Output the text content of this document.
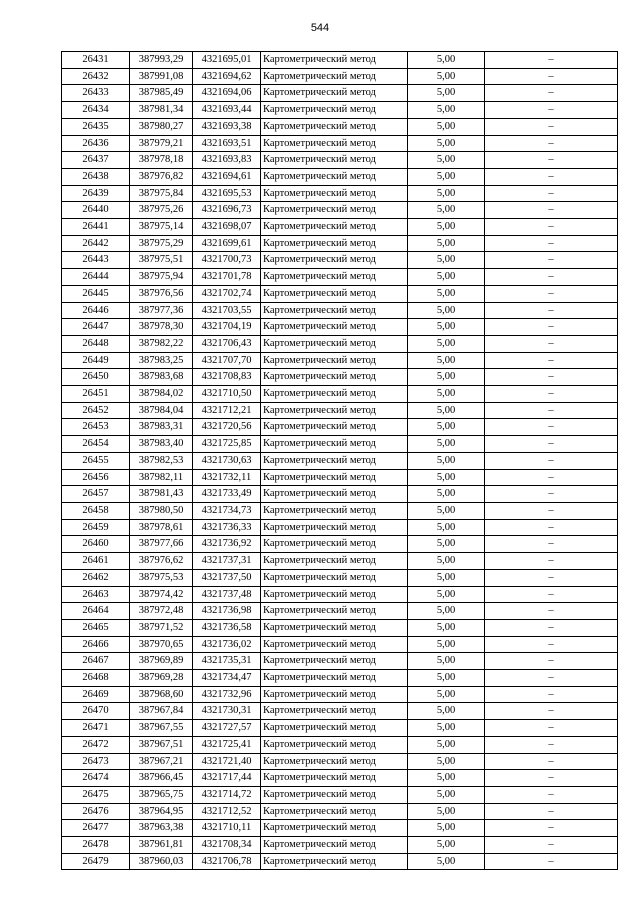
544
26431	387993,29	4321695,01	Картометрический метод	5,00	–
26432	387991,08	4321694,62	Картометрический метод	5,00	–
26433	387985,49	4321694,06	Картометрический метод	5,00	–
26434	387981,34	4321693,44	Картометрический метод	5,00	–
26435	387980,27	4321693,38	Картометрический метод	5,00	–
26436	387979,21	4321693,51	Картометрический метод	5,00	–
26437	387978,18	4321693,83	Картометрический метод	5,00	–
26438	387976,82	4321694,61	Картометрический метод	5,00	–
26439	387975,84	4321695,53	Картометрический метод	5,00	–
26440	387975,26	4321696,73	Картометрический метод	5,00	–
26441	387975,14	4321698,07	Картометрический метод	5,00	–
26442	387975,29	4321699,61	Картометрический метод	5,00	–
26443	387975,51	4321700,73	Картометрический метод	5,00	–
26444	387975,94	4321701,78	Картометрический метод	5,00	–
26445	387976,56	4321702,74	Картометрический метод	5,00	–
26446	387977,36	4321703,55	Картометрический метод	5,00	–
26447	387978,30	4321704,19	Картометрический метод	5,00	–
26448	387982,22	4321706,43	Картометрический метод	5,00	–
26449	387983,25	4321707,70	Картометрический метод	5,00	–
26450	387983,68	4321708,83	Картометрический метод	5,00	–
26451	387984,02	4321710,50	Картометрический метод	5,00	–
26452	387984,04	4321712,21	Картометрический метод	5,00	–
26453	387983,31	4321720,56	Картометрический метод	5,00	–
26454	387983,40	4321725,85	Картометрический метод	5,00	–
26455	387982,53	4321730,63	Картометрический метод	5,00	–
26456	387982,11	4321732,11	Картометрический метод	5,00	–
26457	387981,43	4321733,49	Картометрический метод	5,00	–
26458	387980,50	4321734,73	Картометрический метод	5,00	–
26459	387978,61	4321736,33	Картометрический метод	5,00	–
26460	387977,66	4321736,92	Картометрический метод	5,00	–
26461	387976,62	4321737,31	Картометрический метод	5,00	–
26462	387975,53	4321737,50	Картометрический метод	5,00	–
26463	387974,42	4321737,48	Картометрический метод	5,00	–
26464	387972,48	4321736,98	Картометрический метод	5,00	–
26465	387971,52	4321736,58	Картометрический метод	5,00	–
26466	387970,65	4321736,02	Картометрический метод	5,00	–
26467	387969,89	4321735,31	Картометрический метод	5,00	–
26468	387969,28	4321734,47	Картометрический метод	5,00	–
26469	387968,60	4321732,96	Картометрический метод	5,00	–
26470	387967,84	4321730,31	Картометрический метод	5,00	–
26471	387967,55	4321727,57	Картометрический метод	5,00	–
26472	387967,51	4321725,41	Картометрический метод	5,00	–
26473	387967,21	4321721,40	Картометрический метод	5,00	–
26474	387966,45	4321717,44	Картометрический метод	5,00	–
26475	387965,75	4321714,72	Картометрический метод	5,00	–
26476	387964,95	4321712,52	Картометрический метод	5,00	–
26477	387963,38	4321710,11	Картометрический метод	5,00	–
26478	387961,81	4321708,34	Картометрический метод	5,00	–
26479	387960,03	4321706,78	Картометрический метод	5,00	–
